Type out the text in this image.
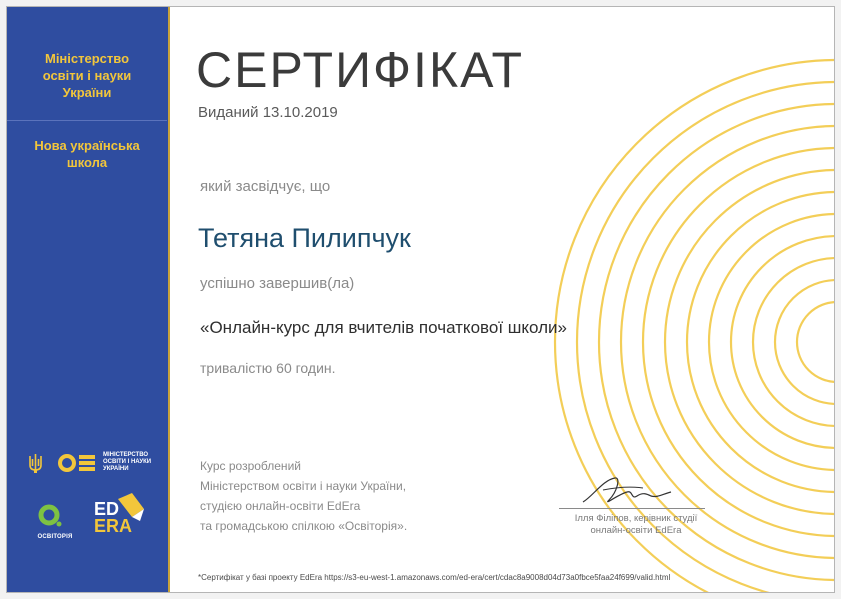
Міністерство
освіти і науки
України
Нова українська
школа
МІНІСТЕРСТВО
ОСВІТИ І НАУКИ
УКРАЇНИ
ОСВІТОРІЯ
ED
ERA
СЕРТИФІКАТ
Виданий 13.10.2019
який засвідчує, що
Тетяна Пилипчук
успішно завершив(ла)
«Онлайн-курс для вчителів початкової школи»
тривалістю 60 годин.
Курс розроблений
Міністерством освіти і науки України,
студією онлайн-освіти EdEra
та громадською спілкою «Освіторія».
Ілля Філіпов, керівник студії
онлайн-освіти EdEra
*Сертифікат у базі проекту EdEra https://s3-eu-west-1.amazonaws.com/ed-era/cert/cdac8a9008d04d73a0fbce5faa24f699/valid.html
